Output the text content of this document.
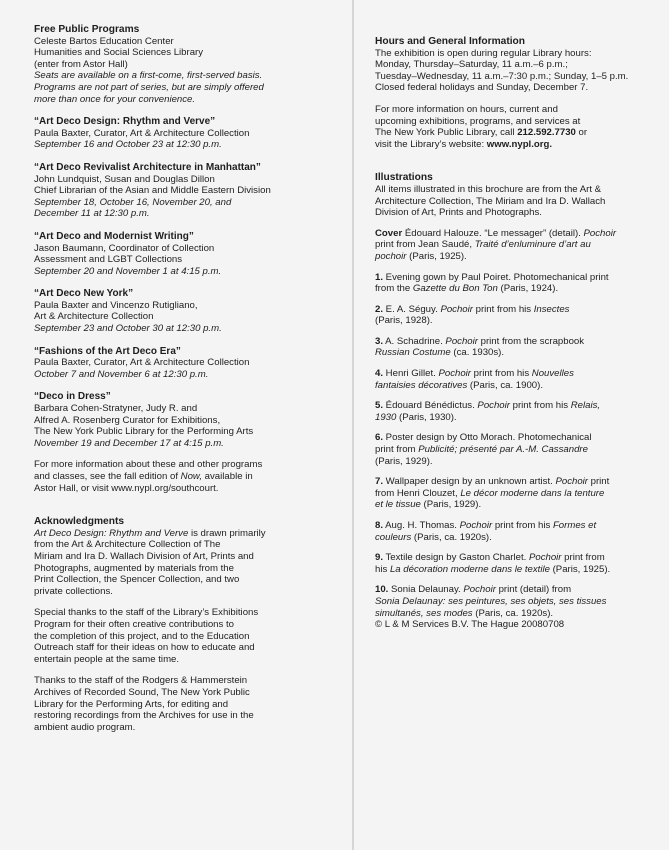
Free Public Programs
Celeste Bartos Education Center
Humanities and Social Sciences Library
(enter from Astor Hall)
Seats are available on a first-come, first-served basis.
Programs are not part of series, but are simply offered
more than once for your convenience.
“Art Deco Design: Rhythm and Verve”
Paula Baxter, Curator, Art & Architecture Collection
September 16 and October 23 at 12:30 p.m.
“Art Deco Revivalist Architecture in Manhattan”
John Lundquist, Susan and Douglas Dillon
Chief Librarian of the Asian and Middle Eastern Division
September 18, October 16, November 20, and
December 11 at 12:30 p.m.
“Art Deco and Modernist Writing”
Jason Baumann, Coordinator of Collection
Assessment and LGBT Collections
September 20 and November 1 at 4:15 p.m.
“Art Deco New York”
Paula Baxter and Vincenzo Rutigliano,
Art & Architecture Collection
September 23 and October 30 at 12:30 p.m.
“Fashions of the Art Deco Era”
Paula Baxter, Curator, Art & Architecture Collection
October 7 and November 6 at 12:30 p.m.
“Deco in Dress”
Barbara Cohen-Stratyner, Judy R. and
Alfred A. Rosenberg Curator for Exhibitions,
The New York Public Library for the Performing Arts
November 19 and December 17 at 4:15 p.m.
For more information about these and other programs
and classes, see the fall edition of Now, available in
Astor Hall, or visit www.nypl.org/southcourt.
Acknowledgments
Art Deco Design: Rhythm and Verve is drawn primarily
from the Art & Architecture Collection of The
Miriam and Ira D. Wallach Division of Art, Prints and
Photographs, augmented by materials from the
Print Collection, the Spencer Collection, and two
private collections.
Special thanks to the staff of the Library’s Exhibitions
Program for their often creative contributions to
the completion of this project, and to the Education
Outreach staff for their ideas on how to educate and
entertain people at the same time.
Thanks to the staff of the Rodgers & Hammerstein
Archives of Recorded Sound, The New York Public
Library for the Performing Arts, for editing and
restoring recordings from the Archives for use in the
ambient audio program.
Hours and General Information
The exhibition is open during regular Library hours:
Monday, Thursday–Saturday, 11 a.m.–6 p.m.;
Tuesday–Wednesday, 11 a.m.–7:30 p.m.; Sunday, 1–5 p.m.
Closed federal holidays and Sunday, December 7.
For more information on hours, current and
upcoming exhibitions, programs, and services at
The New York Public Library, call 212.592.7730 or
visit the Library’s website: www.nypl.org.
Illustrations
All items illustrated in this brochure are from the Art &
Architecture Collection, The Miriam and Ira D. Wallach
Division of Art, Prints and Photographs.
Cover Édouard Halouze. “Le messager” (detail). Pochoir
print from Jean Saudé, Traité d’enluminure d’art au
pochoir (Paris, 1925).
1. Evening gown by Paul Poiret. Photomechanical print
from the Gazette du Bon Ton (Paris, 1924).
2. E. A. Séguy. Pochoir print from his Insectes
(Paris, 1928).
3. A. Schadrine. Pochoir print from the scrapbook
Russian Costume (ca. 1930s).
4. Henri Gillet. Pochoir print from his Nouvelles
fantaisies décoratives (Paris, ca. 1900).
5. Édouard Bénédictus. Pochoir print from his Relais,
1930 (Paris, 1930).
6. Poster design by Otto Morach. Photomechanical
print from Publicité; présenté par A.-M. Cassandre
(Paris, 1929).
7. Wallpaper design by an unknown artist. Pochoir print
from Henri Clouzet, Le décor moderne dans la tenture
et le tissue (Paris, 1929).
8. Aug. H. Thomas. Pochoir print from his Formes et
couleurs (Paris, ca. 1920s).
9. Textile design by Gaston Charlet. Pochoir print from
his La décoration moderne dans le textile (Paris, 1925).
10. Sonia Delaunay. Pochoir print (detail) from
Sonia Delaunay: ses peintures, ses objets, ses tissues
simultanés, ses modes (Paris, ca. 1920s).
© L & M Services B.V. The Hague 20080708
